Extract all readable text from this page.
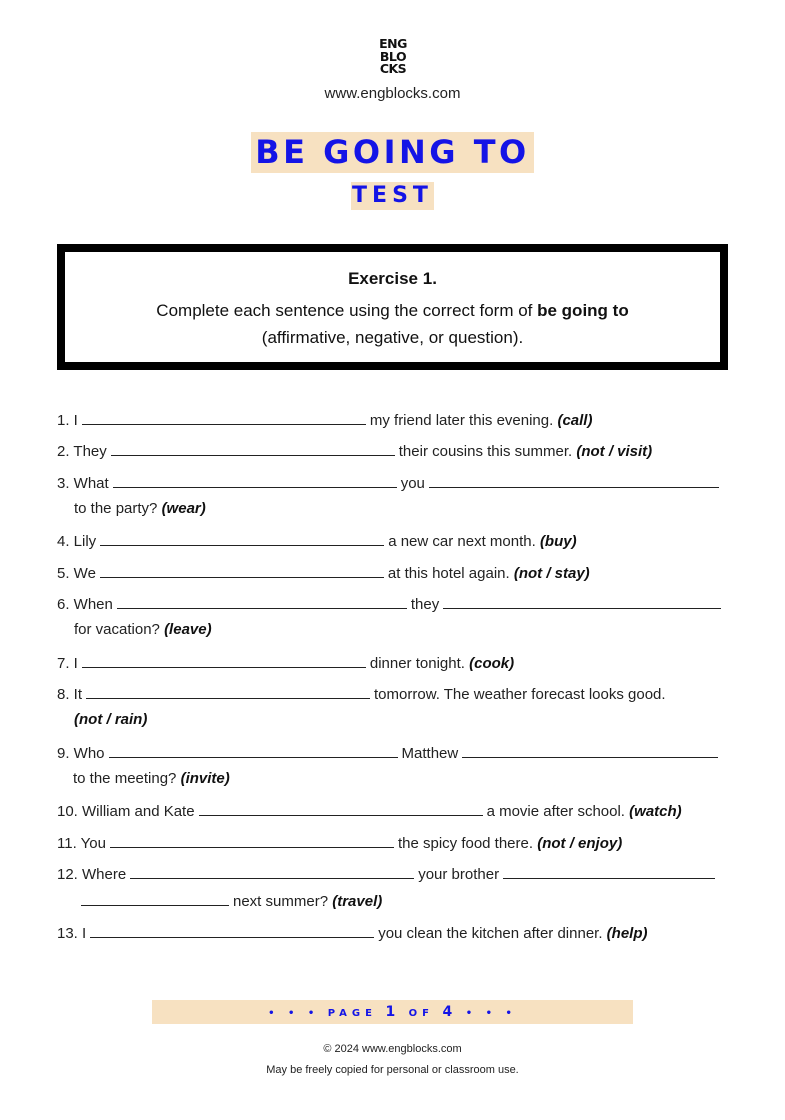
ENG
BLO
CKS
www.engblocks.com
BE GOING TO
TEST
Exercise 1.
Complete each sentence using the correct form of be going to
(affirmative, negative, or question).
1. I	my friend later this evening. (call)
2. They	their cousins this summer. (not / visit)
3. What	you
to the party? (wear)
4. Lily	a new car next month. (buy)
5. We	at this hotel again. (not / stay)
6. When	they
for vacation? (leave)
7. I	dinner tonight. (cook)
8. It	tomorrow. The weather forecast looks good.
(not / rain)
9. Who	Matthew
to the meeting? (invite)
10. William and Kate	a movie after school. (watch)
11. You	the spicy food there. (not / enjoy)
12. Where	your brother
next summer? (travel)
13. I	you clean the kitchen after dinner. (help)
• • • PAGE 1 OF 4 • • •
© 2024 www.engblocks.com
May be freely copied for personal or classroom use.
